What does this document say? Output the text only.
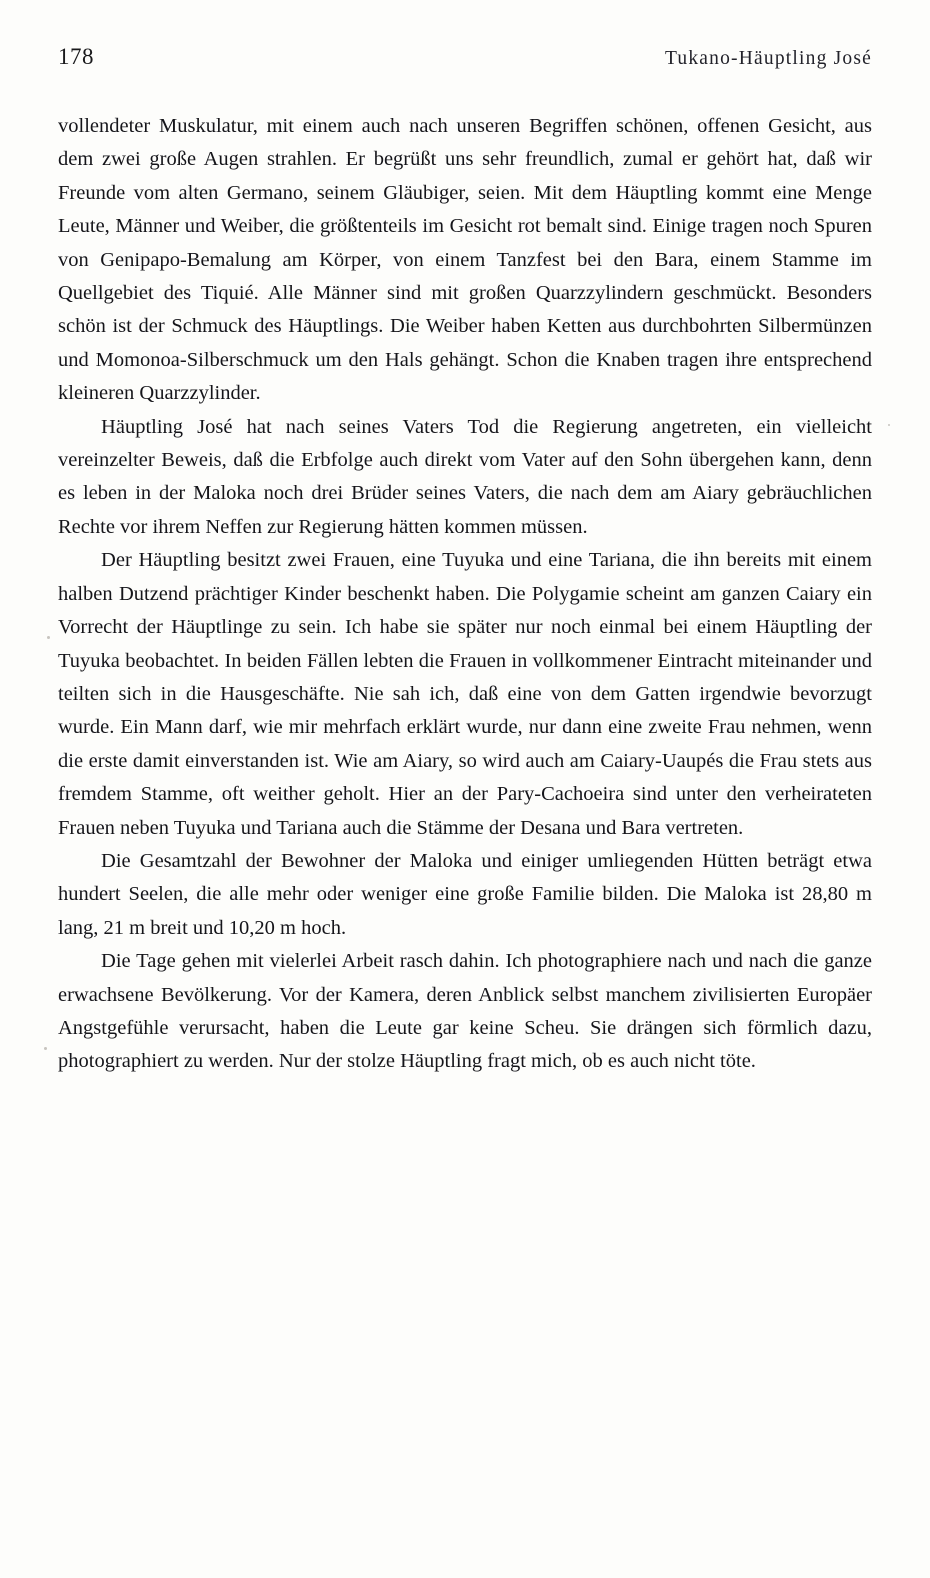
178	Tukano-Häuptling José

vollendeter Muskulatur, mit einem auch nach unseren Begriffen schönen, offenen Gesicht, aus dem zwei große Augen strahlen. Er begrüßt uns sehr freundlich, zumal er gehört hat, daß wir Freunde vom alten Germano, seinem Gläubiger, seien. Mit dem Häuptling kommt eine Menge Leute, Männer und Weiber, die größtenteils im Gesicht rot bemalt sind. Einige tragen noch Spuren von Genipapo-Bemalung am Körper, von einem Tanzfest bei den Bara, einem Stamme im Quellgebiet des Tiquié. Alle Männer sind mit großen Quarzzylindern geschmückt. Besonders schön ist der Schmuck des Häuptlings. Die Weiber haben Ketten aus durchbohrten Silbermünzen und Momonoa-Silberschmuck um den Hals gehängt. Schon die Knaben tragen ihre entsprechend kleineren Quarzzylinder.

Häuptling José hat nach seines Vaters Tod die Regierung angetreten, ein vielleicht vereinzelter Beweis, daß die Erbfolge auch direkt vom Vater auf den Sohn übergehen kann, denn es leben in der Maloka noch drei Brüder seines Vaters, die nach dem am Aiary gebräuchlichen Rechte vor ihrem Neffen zur Regierung hätten kommen müssen.

Der Häuptling besitzt zwei Frauen, eine Tuyuka und eine Tariana, die ihn bereits mit einem halben Dutzend prächtiger Kinder beschenkt haben. Die Polygamie scheint am ganzen Caiary ein Vorrecht der Häuptlinge zu sein. Ich habe sie später nur noch einmal bei einem Häuptling der Tuyuka beobachtet. In beiden Fällen lebten die Frauen in vollkommener Eintracht miteinander und teilten sich in die Hausgeschäfte. Nie sah ich, daß eine von dem Gatten irgendwie bevorzugt wurde. Ein Mann darf, wie mir mehrfach erklärt wurde, nur dann eine zweite Frau nehmen, wenn die erste damit einverstanden ist. Wie am Aiary, so wird auch am Caiary-Uaupés die Frau stets aus fremdem Stamme, oft weither geholt. Hier an der Pary-Cachoeira sind unter den verheirateten Frauen neben Tuyuka und Tariana auch die Stämme der Desana und Bara vertreten.

Die Gesamtzahl der Bewohner der Maloka und einiger umliegenden Hütten beträgt etwa hundert Seelen, die alle mehr oder weniger eine große Familie bilden. Die Maloka ist 28,80 m lang, 21 m breit und 10,20 m hoch.

Die Tage gehen mit vielerlei Arbeit rasch dahin. Ich photographiere nach und nach die ganze erwachsene Bevölkerung. Vor der Kamera, deren Anblick selbst manchem zivilisierten Europäer Angstgefühle verursacht, haben die Leute gar keine Scheu. Sie drängen sich förmlich dazu, photographiert zu werden. Nur der stolze Häuptling fragt mich, ob es auch nicht töte.
